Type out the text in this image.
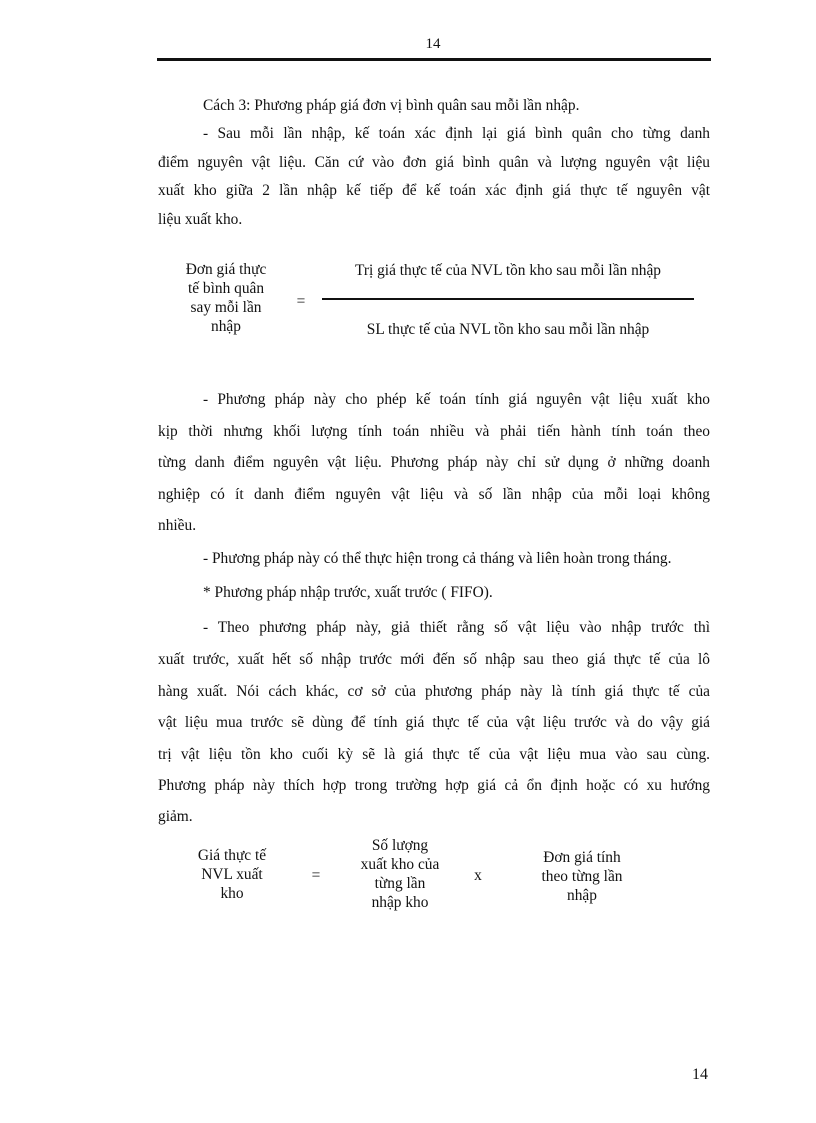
14
Cách 3: Phương pháp giá đơn vị bình quân sau mỗi lần nhập.
- Sau mỗi lần nhập, kế toán xác định lại giá bình quân cho từng danh
điểm nguyên vật liệu. Căn cứ vào đơn giá bình quân và lượng nguyên vật liệu
xuất kho giữa 2 lần nhập kế tiếp để kế toán xác định giá thực tế nguyên vật
liệu xuất kho.
Đơn giá thực
tế bình quân
say mỗi lần
nhập
=
Trị giá thực tế của NVL tồn kho sau mỗi lần nhập
SL thực tế của NVL tồn kho sau mỗi lần nhập
- Phương pháp này cho phép kế toán tính giá nguyên vật liệu xuất kho
kịp thời nhưng khối lượng tính toán nhiều và phải tiến hành tính toán theo
từng danh điểm nguyên vật liệu. Phương pháp này chỉ sử dụng ở những doanh
nghiệp có ít danh điểm nguyên vật liệu và số lần nhập của mỗi loại không
nhiều.
- Phương pháp này có thể thực hiện trong cả tháng và liên hoàn trong tháng.
* Phương pháp nhập trước, xuất trước ( FIFO).
- Theo phương pháp này, giả thiết rằng số vật liệu vào nhập trước thì
xuất trước, xuất hết số nhập trước mới đến số nhập sau theo giá thực tế của lô
hàng xuất. Nói cách khác, cơ sở của phương pháp này là tính giá thực tế của
vật liệu mua trước sẽ dùng để tính giá thực tế của vật liệu trước và do vậy giá
trị vật liệu tồn kho cuối kỳ sẽ là giá thực tế của vật liệu mua vào sau cùng.
Phương pháp này thích hợp trong trường hợp giá cả ổn định hoặc có xu hướng
giảm.
Giá thực tế
NVL xuất
kho
=
Số lượng
xuất kho của
từng lần
nhập kho
x
Đơn giá tính
theo từng lần
nhập
14
